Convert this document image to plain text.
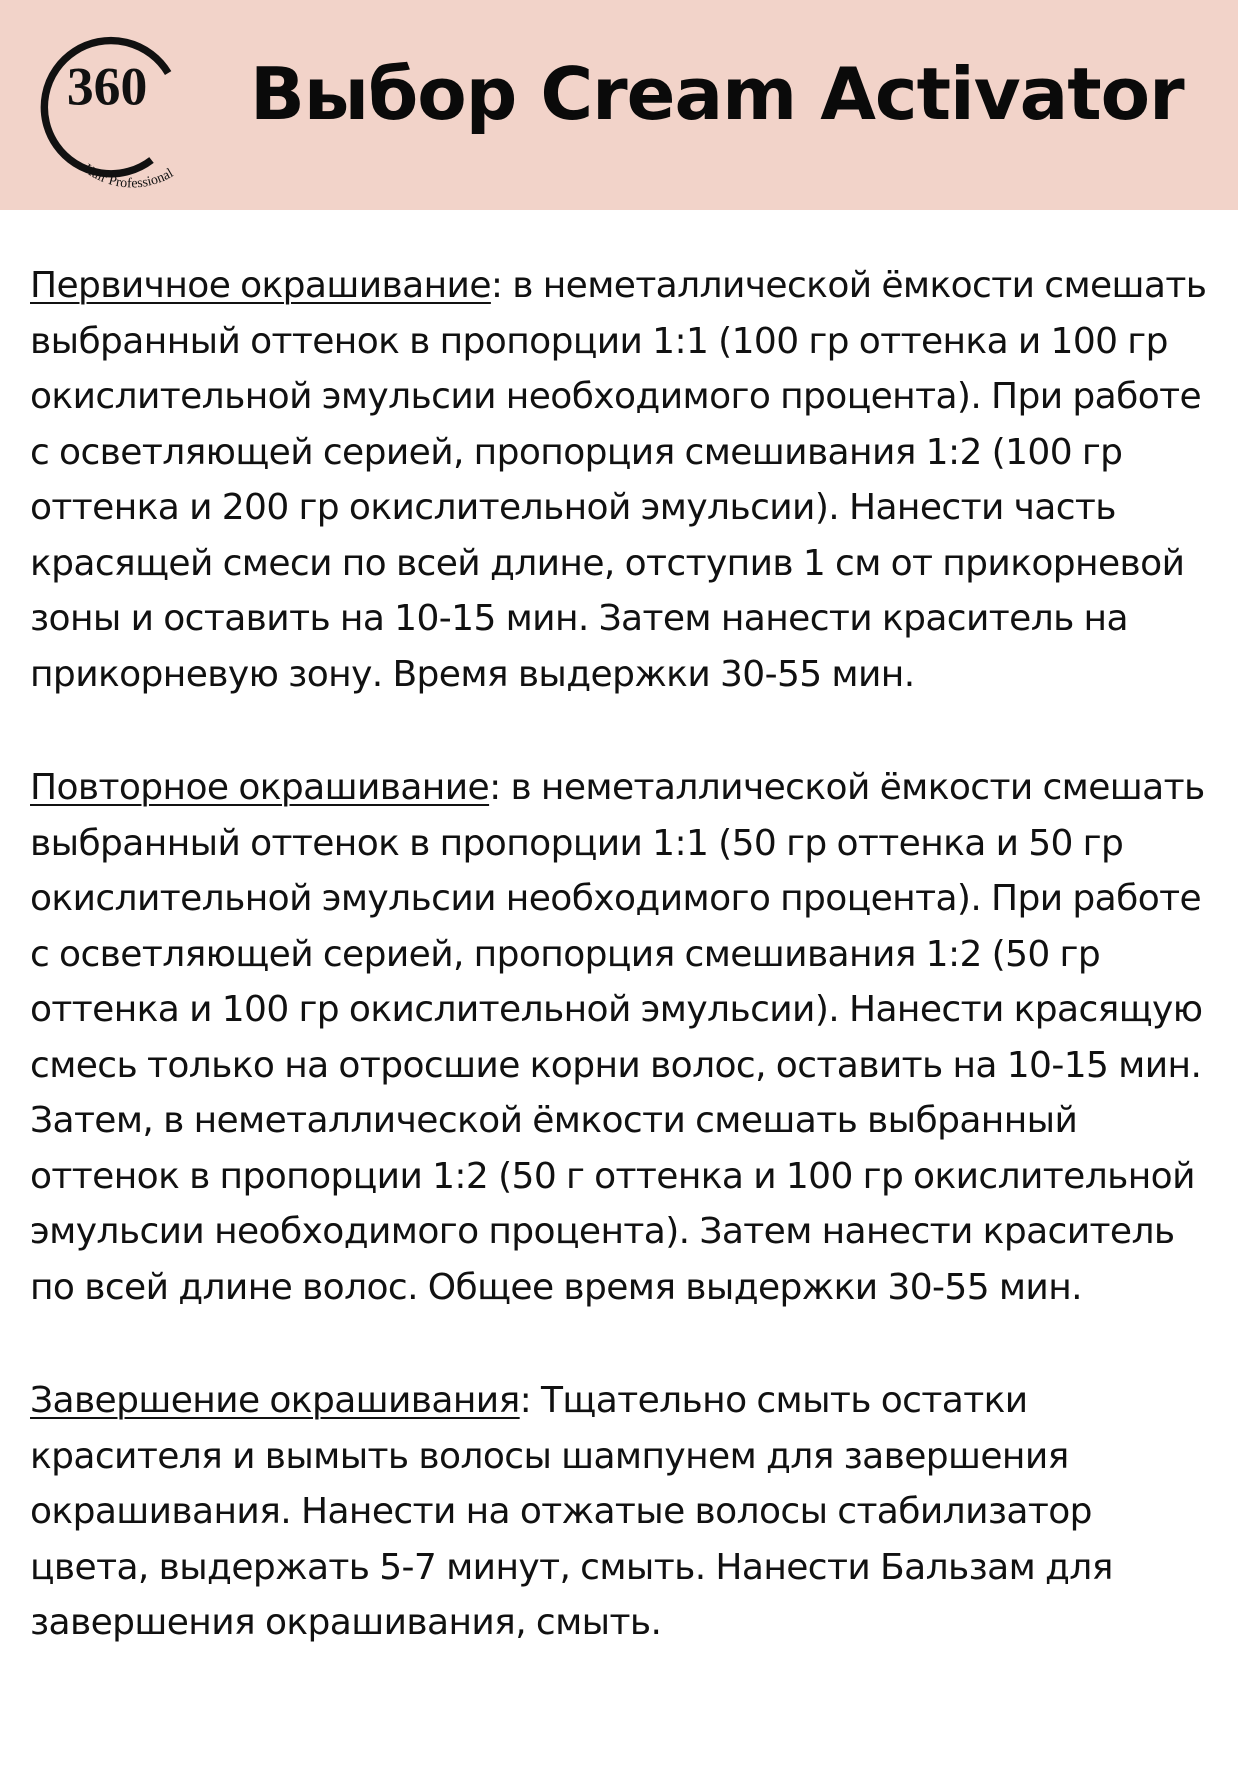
360
Hair Professional
Выбор Cream Activator

Первичное окрашивание: в неметаллической ёмкости смешать выбранный оттенок в пропорции 1:1 (100 гр оттенка и 100 гр окислительной эмульсии необходимого процента). При работе с осветляющей серией, пропорция смешивания 1:2 (100 гр оттенка и 200 гр окислительной эмульсии). Нанести часть красящей смеси по всей длине, отступив 1 см от прикорневой зоны и оставить на 10-15 мин. Затем нанести краситель на прикорневую зону. Время выдержки 30-55 мин.

Повторное окрашивание: в неметаллической ёмкости смешать выбранный оттенок в пропорции 1:1 (50 гр оттенка и 50 гр окислительной эмульсии необходимого процента). При работе с осветляющей серией, пропорция смешивания 1:2 (50 гр оттенка и 100 гр окислительной эмульсии). Нанести красящую смесь только на отросшие корни волос, оставить на 10-15 мин. Затем, в неметаллической ёмкости смешать выбранный оттенок в пропорции 1:2 (50 г оттенка и 100 гр окислительной эмульсии необходимого процента). Затем нанести краситель по всей длине волос. Общее время выдержки 30-55 мин.

Завершение окрашивания: Тщательно смыть остатки красителя и вымыть волосы шампунем для завершения окрашивания. Нанести на отжатые волосы стабилизатор цвета, выдержать 5-7 минут, смыть. Нанести Бальзам для завершения окрашивания, смыть.
